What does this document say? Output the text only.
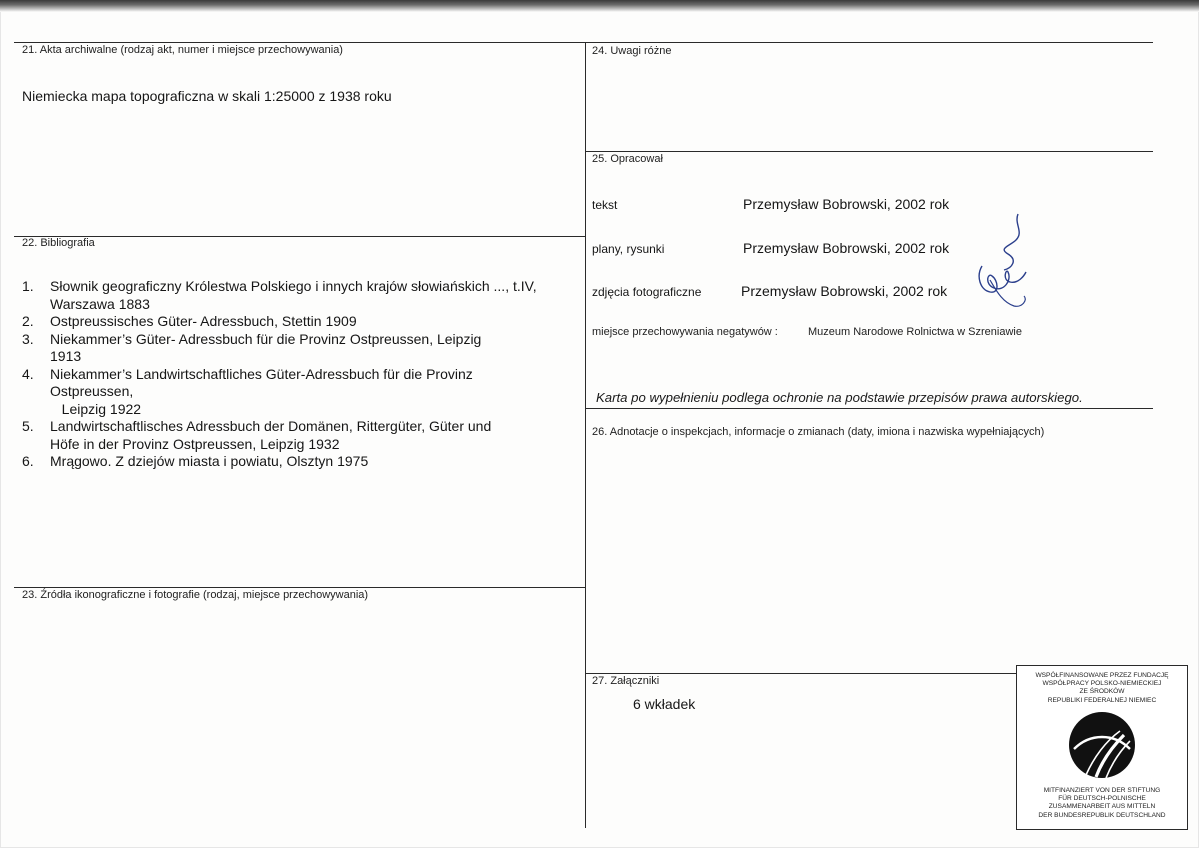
21. Akta archiwalne (rodzaj akt, numer i miejsce przechowywania)
Niemiecka mapa topograficzna w skali 1:25000 z 1938 roku
22. Bibliografia
1.	Słownik geograficzny Królestwa Polskiego i innych krajów słowiańskich ..., t.IV,
Warszawa 1883
2.	Ostpreussisches Güter- Adressbuch, Stettin 1909
3.	Niekammer’s Güter- Adressbuch für die Provinz Ostpreussen, Leipzig
1913
4.	Niekammer’s Landwirtschaftliches Güter-Adressbuch für die Provinz
Ostpreussen,
Leipzig 1922
5.	Landwirtschaftlisches Adressbuch der Domänen, Rittergüter, Güter und
Höfe in der Provinz Ostpreussen, Leipzig 1932
6.	Mrągowo. Z dziejów miasta i powiatu, Olsztyn 1975
23. Źródła ikonograficzne i fotografie (rodzaj, miejsce przechowywania)
24. Uwagi różne
25. Opracował
tekst	Przemysław Bobrowski, 2002 rok
plany, rysunki	Przemysław Bobrowski, 2002 rok
zdjęcia fotograficzne	Przemysław Bobrowski, 2002 rok
miejsce przechowywania negatywów :	Muzeum Narodowe Rolnictwa w Szreniawie
Karta po wypełnieniu podlega ochronie na podstawie przepisów prawa autorskiego.
26. Adnotacje o inspekcjach, informacje o zmianach (daty, imiona i nazwiska wypełniających)
27. Załączniki
6 wkładek
WSPÓŁFINANSOWANE PRZEZ FUNDACJĘ
WSPÓŁPRACY POLSKO-NIEMIECKIEJ
ZE ŚRODKÓW
REPUBLIKI FEDERALNEJ NIEMIEC
MITFINANZIERT VON DER STIFTUNG
FÜR DEUTSCH-POLNISCHE
ZUSAMMENARBEIT AUS MITTELN
DER BUNDESREPUBLIK DEUTSCHLAND
